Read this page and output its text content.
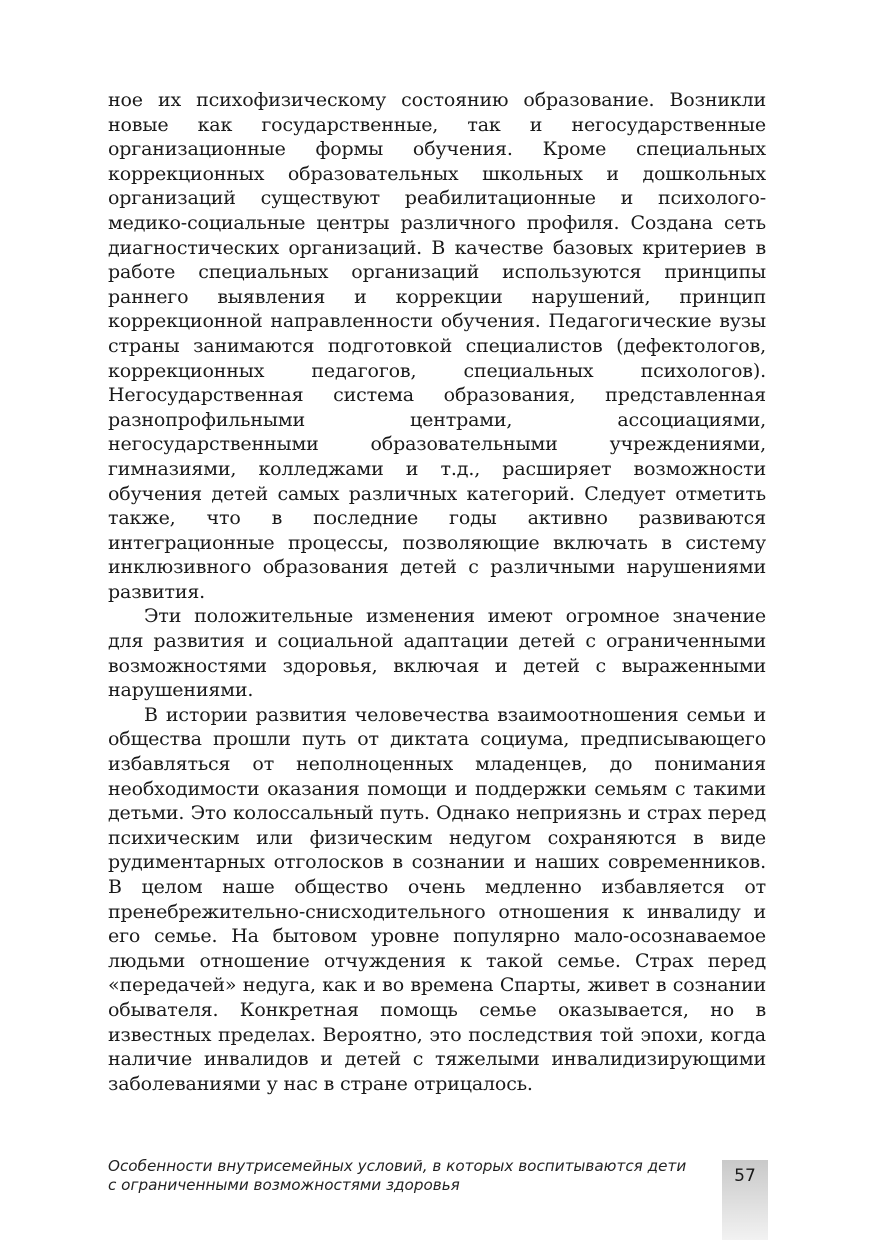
ное их психофизическому состоянию образование. Возникли новые как государственные, так и негосударственные организационные формы обучения. Кроме специальных коррекционных образовательных школьных и дошкольных организаций существуют реабилитационные и психолого-медико-социальные центры различного профиля. Создана сеть диагностических организаций. В качестве базовых критериев в работе специальных организаций используются принципы раннего выявления и коррекции нарушений, принцип коррекционной направленности обучения. Педагогические вузы страны занимаются подготовкой специалистов (дефектологов, коррекционных педагогов, специальных психологов). Негосударственная система образования, представленная разнопрофильными центрами, ассоциациями, негосударственными образовательными учреждениями, гимназиями, колледжами и т.д., расширяет возможности обучения детей самых различных категорий. Следует отметить также, что в последние годы активно развиваются интеграционные процессы, позволяющие включать в систему инклюзивного образования детей с различными нарушениями развития.

Эти положительные изменения имеют огромное значение для развития и социальной адаптации детей с ограниченными возможностями здоровья, включая и детей с выраженными нарушениями.

В истории развития человечества взаимоотношения семьи и общества прошли путь от диктата социума, предписывающего избавляться от неполноценных младенцев, до понимания необходимости оказания помощи и поддержки семьям с такими детьми. Это колоссальный путь. Однако неприязнь и страх перед психическим или физическим недугом сохраняются в виде рудиментарных отголосков в сознании и наших современников. В целом наше общество очень медленно избавляется от пренебрежительно-снисходительного отношения к инвалиду и его семье. На бытовом уровне популярно мало-осознаваемое людьми отношение отчуждения к такой семье. Страх перед «передачей» недуга, как и во времена Спарты, живет в сознании обывателя. Конкретная помощь семье оказывается, но в известных пределах. Вероятно, это последствия той эпохи, когда наличие инвалидов и детей с тяжелыми инвалидизирующими заболеваниями у нас в стране отрицалось.

Особенности внутрисемейных условий, в которых воспитываются дети
с ограниченными возможностями здоровья	57
